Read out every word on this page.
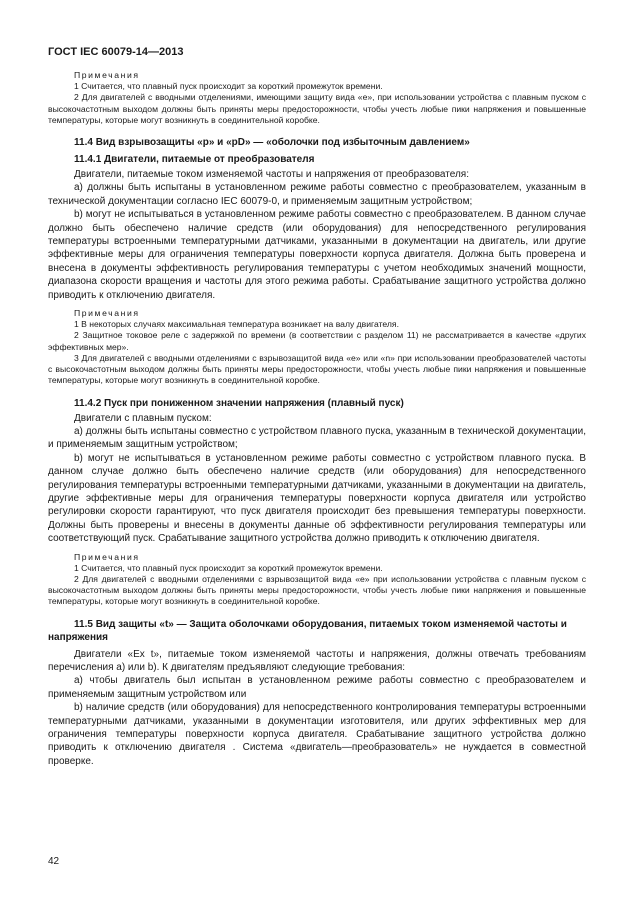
ГОСТ IEC 60079-14—2013
Примечания
1 Считается, что плавный пуск происходит за короткий промежуток времени.
2 Для двигателей с вводными отделениями, имеющими защиту вида «е», при использовании устройства с плавным пуском с высокочастотным выходом должны быть приняты меры предосторожности, чтобы учесть любые пики напряжения и повышенные температуры, которые могут возникнуть в соединительной коробке.
11.4 Вид взрывозащиты «р» и «pD» — «оболочки под избыточным давлением»
11.4.1 Двигатели, питаемые от преобразователя

Двигатели, питаемые током изменяемой частоты и напряжения от преобразователя:

а) должны быть испытаны в установленном режиме работы совместно с преобразователем, указанным в технической документации согласно IEC 60079-0, и применяемым защитным устройством;

b) могут не испытываться в установленном режиме работы совместно с преобразователем. В данном случае должно быть обеспечено наличие средств (или оборудования) для непосредственного регулирования температуры встроенными температурными датчиками, указанными в документации на двигатель, или другие эффективные меры для ограничения температуры поверхности корпуса двигателя. Должна быть проверена и внесена в документы эффективность регулирования температуры с учетом необходимых значений мощности, диапазона скорости вращения и частоты для этого режима работы. Срабатывание защитного устройства должно приводить к отключению двигателя.

Примечания
1 В некоторых случаях максимальная температура возникает на валу двигателя.
2 Защитное токовое реле с задержкой по времени (в соответствии с разделом 11) не рассматривается в качестве «других эффективных мер».
3 Для двигателей с вводными отделениями с взрывозащитой вида «е» или «n» при использовании преобразователей частоты с высокочастотным выходом должны быть приняты меры предосторожности, чтобы учесть любые пики напряжения и повышенные температуры, которые могут возникнуть в соединительной коробке.
11.4.2 Пуск при пониженном значении напряжения (плавный пуск)

Двигатели с плавным пуском:

а) должны быть испытаны совместно с устройством плавного пуска, указанным в технической документации, и применяемым защитным устройством;

b) могут не испытываться в установленном режиме работы совместно с устройством плавного пуска. В данном случае должно быть обеспечено наличие средств (или оборудования) для непосредственного регулирования температуры встроенными температурными датчиками, указанными в документации на двигатель, другие эффективные меры для ограничения температуры поверхности корпуса двигателя или устройство регулировки скорости гарантируют, что пуск двигателя происходит без превышения температуры поверхности. Должны быть проверены и внесены в документы данные об эффективности регулирования температуры или соответствующий пуск. Срабатывание защитного устройства должно приводить к отключению двигателя.

Примечания
1 Считается, что плавный пуск происходит за короткий промежуток времени.
2 Для двигателей с вводными отделениями с взрывозащитой вида «е» при использовании устройства с плавным пуском с высокочастотным выходом должны быть приняты меры предосторожности, чтобы учесть любые пики напряжения и повышенные температуры, которые могут возникнуть в соединительной коробке.
11.5 Вид защиты «t» — Защита оболочками оборудования, питаемых током изменяемой частоты и напряжения

Двигатели «Ex t», питаемые током изменяемой частоты и напряжения, должны отвечать требованиям перечисления а) или b). К двигателям предъявляют следующие требования:

а) чтобы двигатель был испытан в установленном режиме работы совместно с преобразователем и применяемым защитным устройством или

b) наличие средств (или оборудования) для непосредственного контролирования температуры встроенными температурными датчиками, указанными в документации изготовителя, или других эффективных мер для ограничения температуры поверхности корпуса двигателя. Срабатывание защитного устройства должно приводить к отключению двигателя . Система «двигатель—преобразователь» не нуждается в совместной проверке.

42
